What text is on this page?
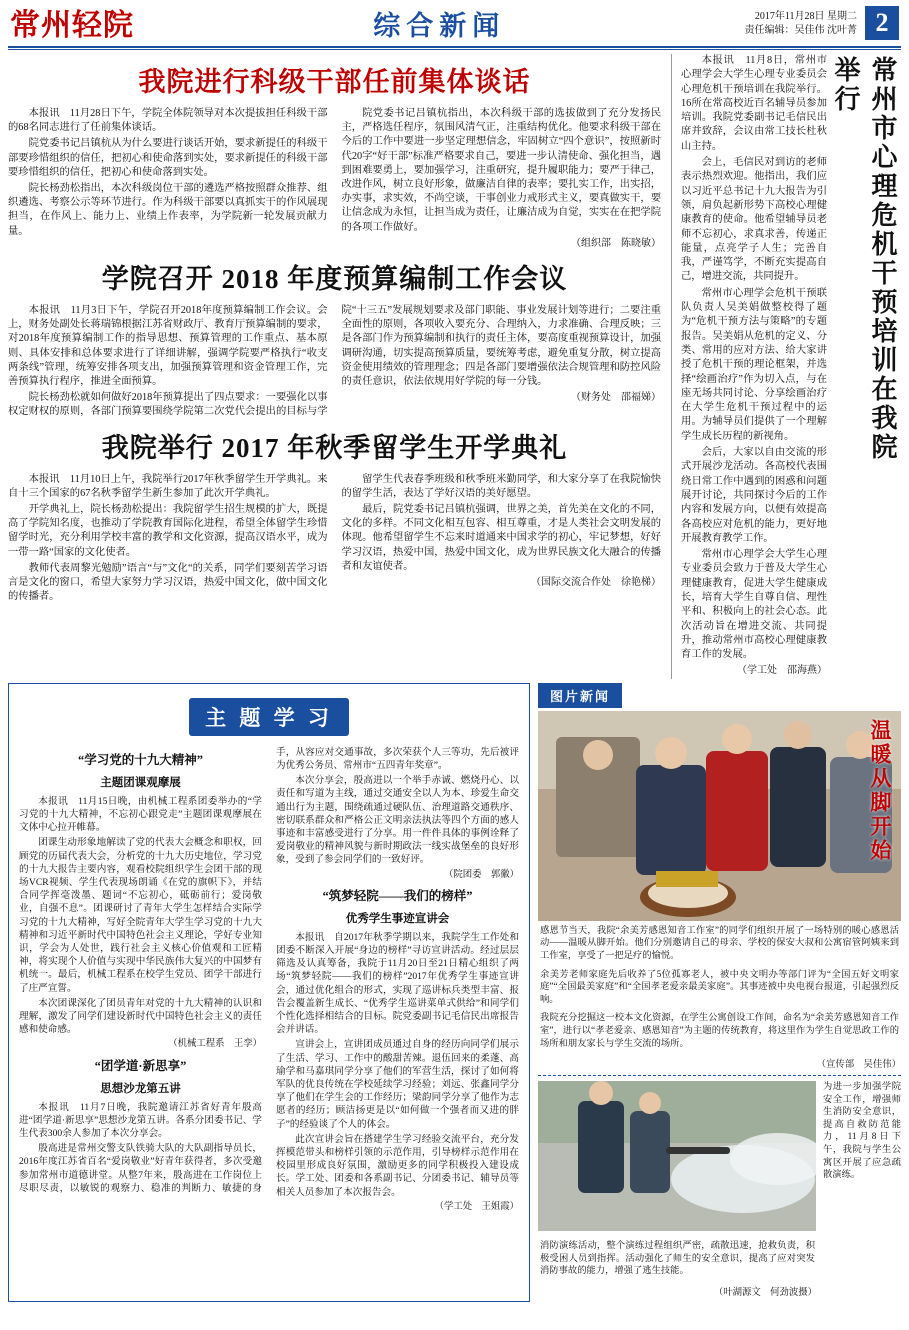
常州轻院	综合新闻	2017年11月28日 星期二
责任编辑：吴佳伟 沈叶菁 2
我院进行科级干部任前集体谈话

本报讯　11月28日下午，学院全体院领导对本次提拔担任科级干部的68名同志进行了任前集体谈话。

院党委书记吕镇杭从为什么要进行谈话开始，要求新提任的科级干部要珍惜组织的信任，把初心和使命落到实处，要求新提任的科级干部要珍惜组织的信任，把初心和使命落到实处。

院长杨劲松指出，本次科级岗位干部的遴选严格按照群众推荐、组织遴选、考察公示等环节进行。作为科级干部要以真抓实干的作风展现担当，在作风上、能力上、业绩上作表率，为学院新一轮发展贡献力量。

院党委书记吕镇杭指出，本次科级干部的选拔做到了充分发扬民主，严格选任程序，氛围风清气正，注重结构优化。他要求科级干部在今后的工作中要进一步坚定理想信念，牢固树立“四个意识”，按照新时代20字“好干部”标准严格要求自己，要进一步认清使命、强化担当，遇到困难要勇上，要加强学习，注重研究，提升履职能力；要严于律己，改进作风，树立良好形象，做廉洁自律的表率；要扎实工作，出实招，办实事，求实效，不尚空谈，干事创业力戒形式主义，要真做实干，要让信念成为永恒，让担当成为责任，让廉洁成为自觉，实实在在把学院的各项工作做好。

（组织部　陈晓敏）
学院召开 2018 年度预算编制工作会议

本报讯　11月3日下午，学院召开2018年度预算编制工作会议。会上，财务处副处长蒋瑞锦根据江苏省财政厅、教育厅预算编制的要求，对2018年度预算编制工作的指导思想、预算管理的工作重点、基本原则、具体安排和总体要求进行了详细讲解，强调学院要严格执行“收支两条线”管理，统筹安排各项支出，加强预算管理和资金管理工作，完善预算执行程序，推进全面预算。

院长杨劲松就如何做好2018年预算提出了四点要求：一要强化以事权定财权的原则，各部门预算要围绕学院第二次党代会提出的目标与学院“十三五”发展规划要求及部门职能、事业发展计划等进行；二要注重全面性的原则，各项收入要充分、合理纳入，力求准确、合理反映；三是各部门作为预算编制和执行的责任主体，要高度重视预算设计，加强调研沟通，切实提高预算质量，要统筹考虑，避免重复分散，树立提高资金使用绩效的管理理念；四是各部门要增强依法合规管理和防控风险的责任意识，依法依规用好学院的每一分钱。

（财务处　邵福娣）
我院举行 2017 年秋季留学生开学典礼

本报讯　11月10日上午，我院举行2017年秋季留学生开学典礼。来自十三个国家的67名秋季留学生新生参加了此次开学典礼。

开学典礼上，院长杨劲松提出：我院留学生招生规模的扩大，既提高了学院知名度，也推动了学院教育国际化进程，希望全体留学生珍惜留学时光，充分利用学校丰富的教学和文化资源，提高汉语水平，成为一带一路“国家的文化使者。

教师代表周黎光勉励”语言“与”文化“的关系，同学们要刻苦学习语言是文化的窗口，希望大家努力学习汉语，热爱中国文化，做中国文化的传播者。

留学生代表春季班级和秋季班米勤同学，和大家分享了在我院愉快的留学生活，表达了学好汉语的美好愿望。

最后，院党委书记吕镇杭强调，世界之美，首先美在文化的不同，文化的多样。不同文化相互包容、相互尊重，才是人类社会文明发展的体现。他希望留学生不忘来时道通来中国求学的初心，牢记梦想，好好学习汉语，热爱中国，热爱中国文化，成为世界民族文化大融合的传播者和友谊使者。

（国际交流合作处　徐艳梯）
常州市心理危机干预培训在我院举行

本报讯　11月8日，常州市心理学会大学生心理专业委员会心理危机干预培训在我院举行。16所在常高校近百名辅导员参加培训。我院党委副书记毛信民出席并致辞，会议由常工技长杜秋山主持。

会上，毛信民对到访的老师表示热烈欢迎。他指出，我们应以习近平总书记十九大报告为引领，肩负起新形势下高校心理健康教育的使命。他希望辅导员老师不忘初心，求真求善，传递正能量，点亮学子人生；完善自我，严谨笃学，不断充实提高自己，增进交流，共同提升。

常州市心理学会危机干预联队负责人吴美娟做整校得了题为“危机干预方法与策略”的专题报告。吴美娟从危机的定义、分类、常用的应对方法、给大家讲授了危机干预的理论框架，并选择“绘画治疗”作为切入点，与在座无场共同讨论、分享绘画治疗在大学生危机干预过程中的运用。为辅导员们提供了一个理解学生成长历程的新视角。

会后，大家以自由交流的形式开展沙龙活动。各高校代表围绕日常工作中遇到的困惑和问题展开讨论，共同探讨今后的工作内容和发展方向，以便有效提高各高校应对危机的能力，更好地开展教育教学工作。

常州市心理学会大学生心理专业委员会致力于普及大学生心理健康教育，促进大学生健康成长，培育大学生自尊自信、理性平和、积极向上的社会心态。此次活动旨在增进交流、共同提升，推动常州市高校心理健康教育工作的发展。

（学工处　邵海燕）
主 题 学 习
“学习党的十九大精神”
主题团课观摩展

本报讯　11月15日晚，由机械工程系团委举办的“学习党的十九大精神，不忘初心跟党走”主题团课观摩展在文体中心拉开帷幕。

团课生动形象地解读了党的代表大会概念和职权，回顾党的历届代表大会，分析党的十九大历史地位，学习党的十九大报告主要内容，观看校院组织学生会团干部的现场VCR视频、学生代表现场朗诵《在党的旗帜下》，并结合同学挥毫泼墨、题词“不忘初心，砥砺前行；爱岗敬业，自强不息”。团课研讨了青年大学生怎样结合实际学习党的十九大精神，写好全院青年大学生学习党的十九大精神和习近平新时代中国特色社会主义理论，学好专业知识，学会为人处世，践行社会主义核心价值观和工匠精神，将实现个人价值与实现中华民族伟大复兴的中国梦有机统一。最后，机械工程系在校学生党员、团学干部进行了庄严宣誓。

本次团课深化了团员青年对党的十九大精神的认识和理解，激发了同学们建设新时代中国特色社会主义的责任感和使命感。

（机械工程系　王孪）
“团学道·新思享”
思想沙龙第五讲

本报讯　11月7日晚，我院邀请江苏省好青年殷高进“团学道·新思享”思想沙龙第五讲。各系分团委书记、学生代表300余人参加了本次分享会。

殷高进是常州交警支队铁骑大队的大队副指导员长，2016年度江苏省百名“爱岗敬业”好青年获得者，多次受邀参加常州市道德讲堂。从整7年来，殷高进在工作岗位上尽职尽责，以敏锐的观察力、稳准的判断力、敏捷的身手，从容应对交通事故，多次荣获个人三等功，先后被评为优秀公务员、常州市“五四青年奖章”。

本次分享会，殷高进以一个举手赤诚、燃烧丹心、以责任和写道为主线，通过交通安全以人为本、珍爱生命交通出行为主题，围绕疏通过硬队伍、治理道路交通秩序、密切联系群众和严格公正文明亲法执法等四个方面的感人事迹和丰富感受进行了分享。用一件件具体的事例诠释了爱岗敬业的精神风貌与新时期政法一线实战堡垒的良好形象，受到了参会同学们的一致好评。

（院团委　郭徽）
“筑梦轻院——我们的榜样”
优秀学生事迹宣讲会

本报讯　自2017年秋季学期以来，我院学生工作处和团委不断深入开展“身边的榜样”寻访宣讲活动。经过层层筛选及认真筹备，我院于11月20日至21日精心组织了两场“筑梦轻院——我们的榜样”2017年优秀学生事迹宣讲会，通过优化组合的形式，实现了巡讲标兵类型丰富、报告会覆盖新生成长、“优秀学生巡讲菜单式供给”和同学们个性化选择相结合的目标。院党委副书记毛信民出席报告会并讲话。

宣讲会上，宣讲团成员通过自身的经历向同学们展示了生活、学习、工作中的酸甜苦辣。退伍回来的柔蓬、高瑜学和马嘉琪同学分享了他们的军营生活，探讨了如何将军队的优良传统在学校延续学习经验；刘远、张鑫同学分享了他们在学生会的工作经历；梁韵同学分享了他作为志愿者的经历；顾洁扬更是以“如何做一个强者而又进的胖子”的经验谈了个人的体会。

此次宣讲会旨在搭建学生学习经验交流平台，充分发挥模范带头和榜样引领的示范作用，引导榜样示范作用在校园里形成良好氛围，激励更多的同学积极投入建设成长。学工处、团委和各系副书记、分团委书记、辅导员等相关人员参加了本次报告会。

（学工处　王姐霞）
图片新闻
温暖从脚开始
感恩节当天，我院“余美芳感恩知音工作室”的同学们组织开展了一场特别的暖心感恩活动——温暖从脚开始。他们分别邀请自己的母亲、学校的保安大叔和公寓宿管阿姨来到工作室，享受了一把足疗的愉悦。
余美芳老师家庭先后收养了5位孤寡老人，被中央文明办等部门评为“全国五好文明家庭”“全国最美家庭”和“全国孝老爱亲最美家庭”。其事迹被中央电视台报道，引起强烈反响。
我院充分挖掘这一校本文化资源，在学生公寓创设工作间，命名为“余美芳感恩知音工作室”，进行以“孝老爱亲、感恩知音”为主题的传统教育，将这里作为学生自觉思政工作的场所和朋友家长与学生交流的场所。
（宣传部　吴佳伟）
消防演练活动，整个演练过程组织严密，疏散迅速，抢救负责，积极受困人员到指挥。活动强化了师生的安全意识，提高了应对突发消防事故的能力，增强了逃生技能。
（叶湖源文　何劲波摄）
为进一步加强学院安全工作，增强师生消防安全意识，提高自救防范能力，11月8日下午，我院与学生公寓区开展了应急疏散演练。
